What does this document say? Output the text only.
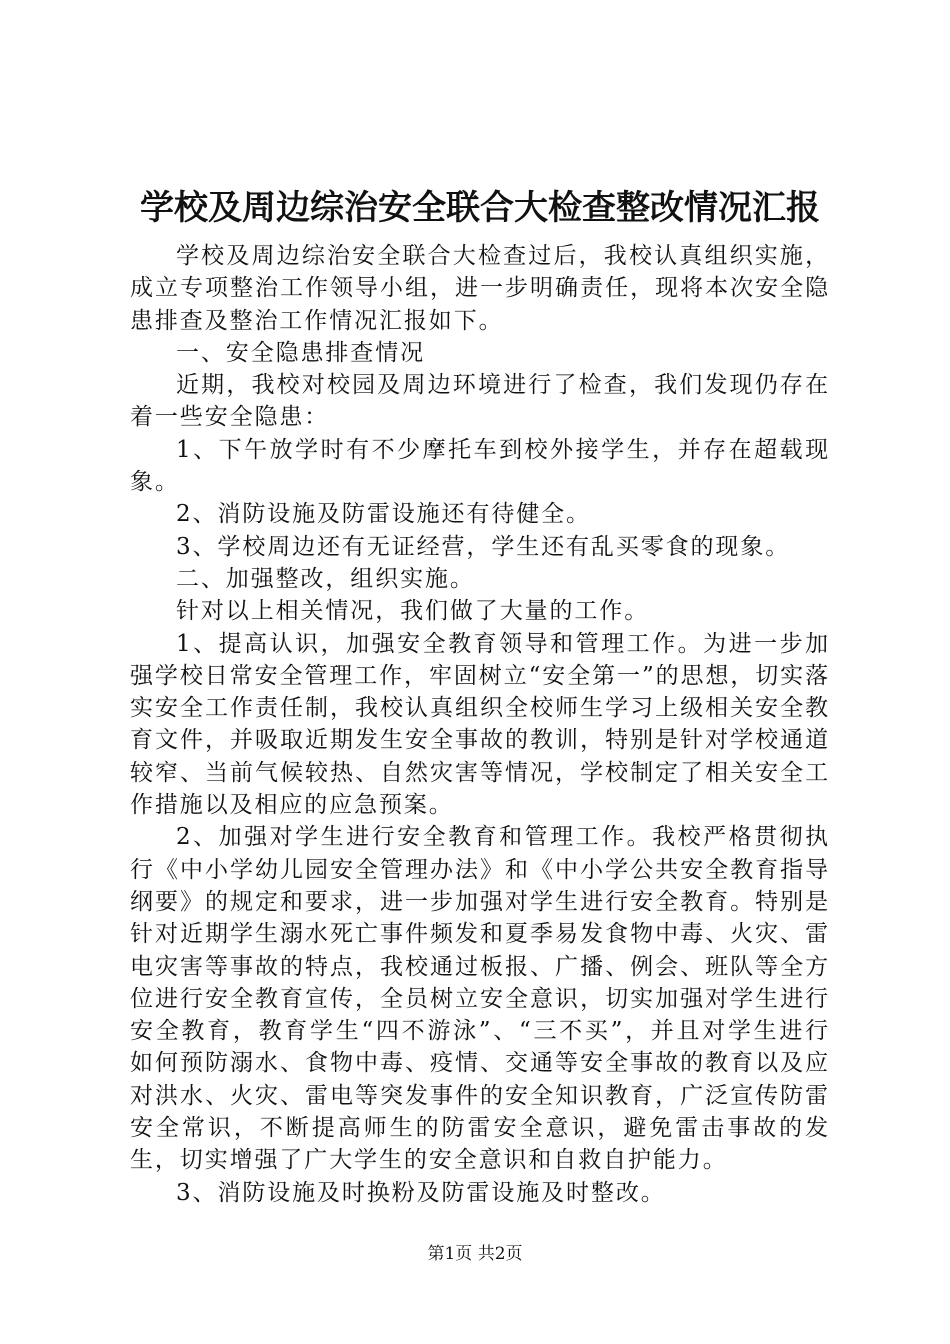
学校及周边综治安全联合大检查整改情况汇报

学校及周边综治安全联合大检查过后，我校认真组织实施，成立专项整治工作领导小组，进一步明确责任，现将本次安全隐患排查及整治工作情况汇报如下。

一、安全隐患排查情况

近期，我校对校园及周边环境进行了检查，我们发现仍存在着一些安全隐患：

1、下午放学时有不少摩托车到校外接学生，并存在超载现象。

2、消防设施及防雷设施还有待健全。

3、学校周边还有无证经营，学生还有乱买零食的现象。

二、加强整改，组织实施。

针对以上相关情况，我们做了大量的工作。

1、提高认识，加强安全教育领导和管理工作。为进一步加强学校日常安全管理工作，牢固树立“安全第一”的思想，切实落实安全工作责任制，我校认真组织全校师生学习上级相关安全教育文件，并吸取近期发生安全事故的教训，特别是针对学校通道较窄、当前气候较热、自然灾害等情况，学校制定了相关安全工作措施以及相应的应急预案。

2、加强对学生进行安全教育和管理工作。我校严格贯彻执行《中小学幼儿园安全管理办法》和《中小学公共安全教育指导纲要》的规定和要求，进一步加强对学生进行安全教育。特别是针对近期学生溺水死亡事件频发和夏季易发食物中毒、火灾、雷电灾害等事故的特点，我校通过板报、广播、例会、班队等全方位进行安全教育宣传，全员树立安全意识，切实加强对学生进行安全教育，教育学生“四不游泳”、“三不买”，并且对学生进行如何预防溺水、食物中毒、疫情、交通等安全事故的教育以及应对洪水、火灾、雷电等突发事件的安全知识教育，广泛宣传防雷安全常识，不断提高师生的防雷安全意识，避免雷击事故的发生，切实增强了广大学生的安全意识和自救自护能力。

3、消防设施及时换粉及防雷设施及时整改。

第1页 共2页
